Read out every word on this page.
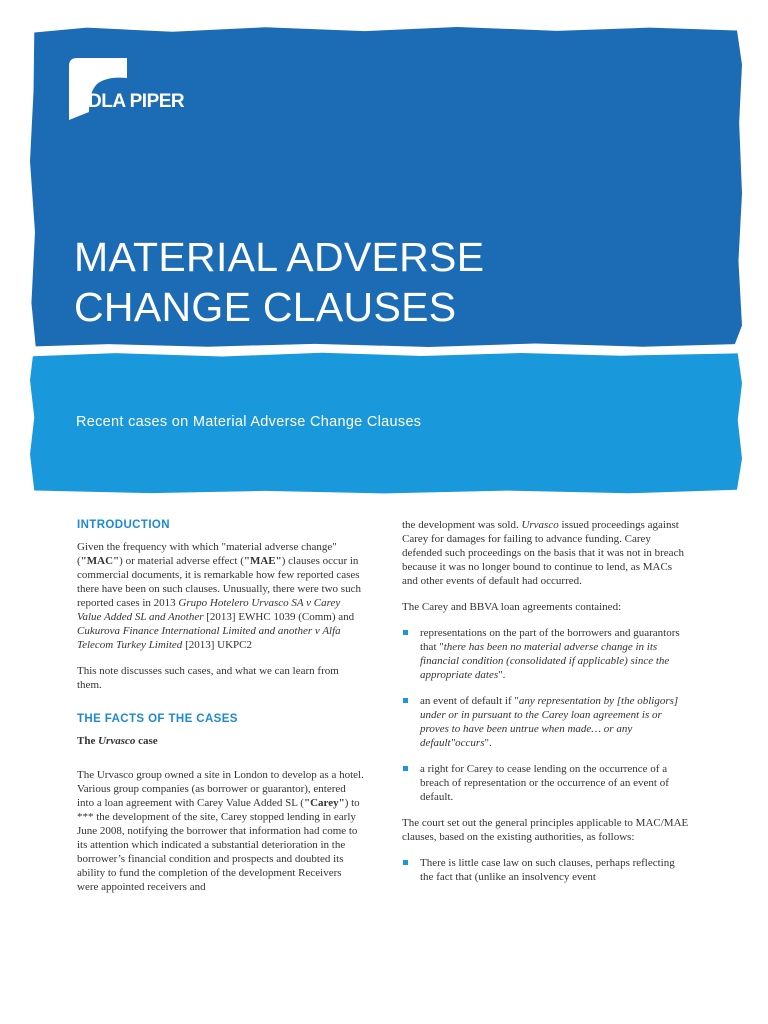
DLA PIPER
MATERIAL ADVERSE
CHANGE CLAUSES
Recent cases on Material Adverse Change Clauses
INTRODUCTION

Given the frequency with which "material adverse change" ("MAC") or material adverse effect ("MAE") clauses occur in commercial documents, it is remarkable how few reported cases there have been on such clauses. Unusually, there were two such reported cases in 2013 Grupo Hotelero Urvasco SA v Carey Value Added SL and Another [2013] EWHC 1039 (Comm) and Cukurova Finance International Limited and another v Alfa Telecom Turkey Limited [2013] UKPC2

This note discusses such cases, and what we can learn from them.

THE FACTS OF THE CASES

The Urvasco case

The Urvasco group owned a site in London to develop as a hotel. Various group companies (as borrower or guarantor), entered into a loan agreement with Carey Value Added SL ("Carey") to *** the development of the site, Carey stopped lending in early June 2008, notifying the borrower that information had come to its attention which indicated a substantial deterioration in the borrower’s financial condition and prospects and doubted its ability to fund the completion of the development Receivers were appointed receivers and

the development was sold. Urvasco issued proceedings against Carey for damages for failing to advance funding. Carey defended such proceedings on the basis that it was not in breach because it was no longer bound to continue to lend, as MACs and other events of default had occurred.

The Carey and BBVA loan agreements contained:

representations on the part of the borrowers and guarantors that "there has been no material adverse change in its financial condition (consolidated if applicable) since the appropriate dates".
an event of default if "any representation by [the obligors] under or in pursuant to the Carey loan agreement is or proves to have been untrue when made… or any default"occurs".
a right for Carey to cease lending on the occurrence of a breach of representation or the occurrence of an event of default.

The court set out the general principles applicable to MAC/MAE clauses, based on the existing authorities, as follows:

There is little case law on such clauses, perhaps reflecting the fact that (unlike an insolvency event
